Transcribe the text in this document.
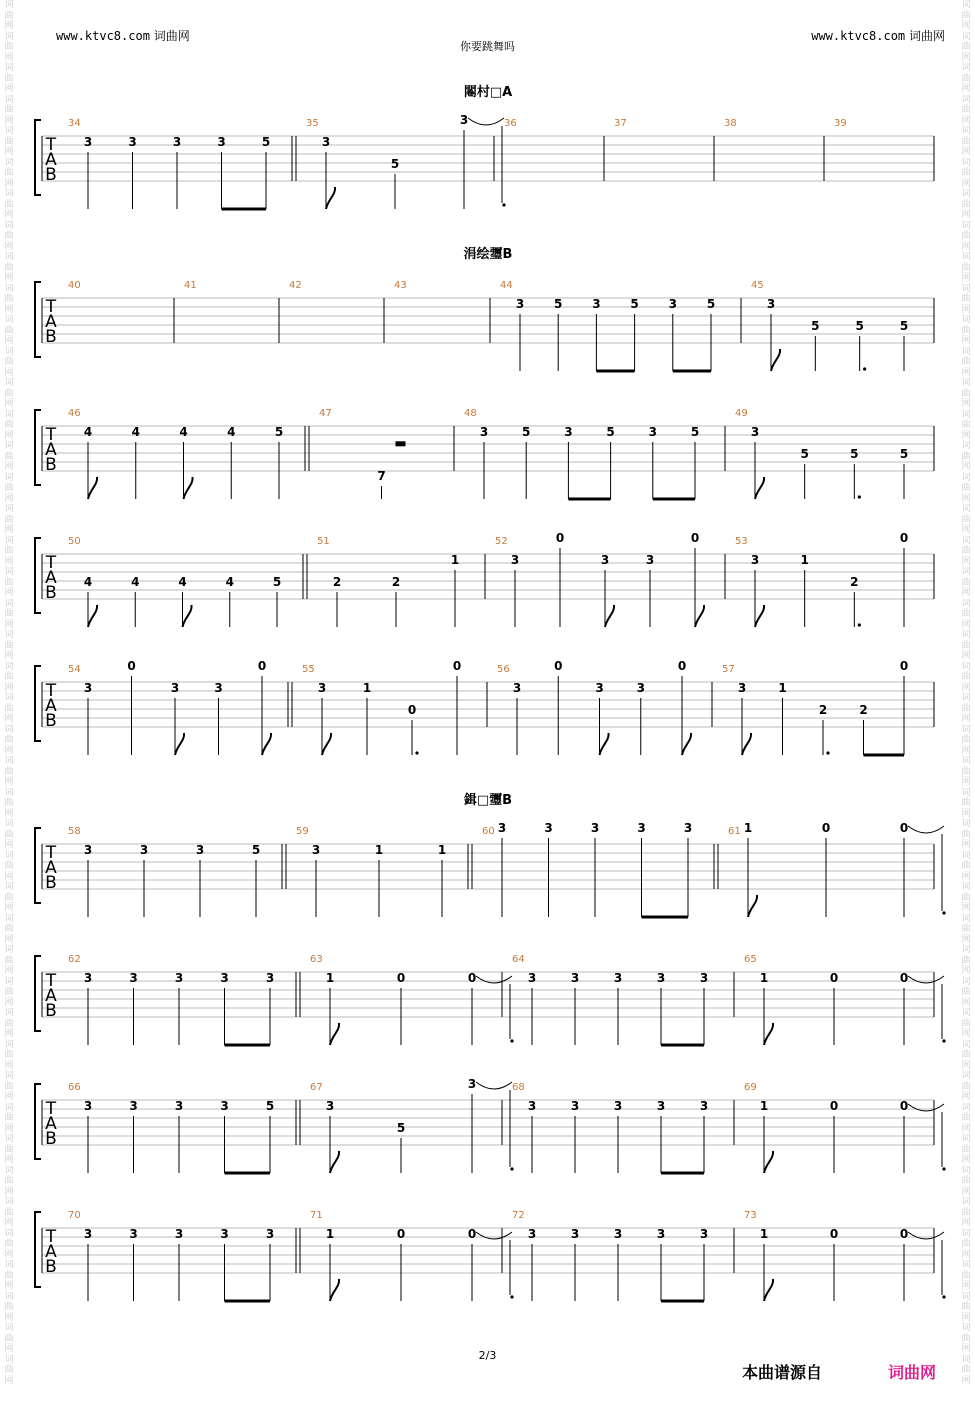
词
曲
网
词
曲
网
词
曲
网
词
曲
网
词
曲
网
词
曲
网
词
曲
网
词
曲
网
词
曲
网
词
曲
网
词
曲
网
词
曲
网
词
曲
网
词
曲
网
词
曲
网
词
曲
网
词
曲
网
词
曲
网
词
曲
网
词
曲
网
词
曲
网
词
曲
网
词
曲
网
词
曲
网
词
曲
网
词
曲
网
词
曲
网
词
曲
网
词
曲
网
词
曲
网
词
曲
网
词
曲
网
词
曲
网
词
曲
网
词
曲
网
词
曲
网
词
曲
网
词
曲
网
词
曲
网
词
曲
网
词
曲
网
词
曲
网
词
曲
网
词
曲
网
词
曲
网
词
曲
网
词
曲
网
词
曲
网
词
曲
网
词
曲
网
词
曲
网
词
曲
网
词
曲
网
词
曲
网
词
曲
网
词
曲
网
词
曲
网
词
曲
网
词
曲
网
词
曲
网
词
曲
网
词
曲
网
词
曲
网
词
曲
网
词
曲
网
词
曲
网
词
曲
网
词
曲
网
词
曲
网
词
曲
网
词
曲
网
词
曲
网
词
曲
网
词
曲
网
词
曲
网
词
曲
网
词
曲
网
词
曲
网
词
曲
网
词
曲
网
词
曲
网
词
曲
网
词
曲
网
词
曲
网
词
曲
网
词
曲
网
词
曲
网
词
曲
网
www.ktvc8.com 词曲网	www.ktvc8.com 词曲网
你要跳舞吗
闂村□A
T
A
B
34
3	3	3	3	5
35
3
5
3	36	37	38	39
涓绘瓕B
T
A
B
40	41	42	43	44
3 5 3 5 3 5
45
3
5	5	5
T
A
B
46
4	4	4	4	5
47
7
48
3	5	3	5	3	5
49
3
5	5	5
T
A
B
50
4	4	4	4	5
51
2	2
1
52
3
0
3	3
0	53
3	1
2
0
T
A
B
54
3
0
3	3
0	55
3	1
0
0	56
3
0
3	3
0	57
3	1
2	2
0
鍓□瓕B
T
A
B
58
3	3	3	5
59
3	1	1
60 3	3	3	3	3	61 1	0	0
T
A
B
62
3	3	3	3	3
63
1	0	0
64
3	3	3	3	3
65
1	0	0
T
A
B
66
3	3	3	3	5
67
3
5
3	68
3	3	3	3	3
69
1	0	0
T
A
B
70
3	3	3	3	3
71
1	0	0
72
3	3	3	3	3
73
1	0	0
2/3
本曲谱源自	词曲网
